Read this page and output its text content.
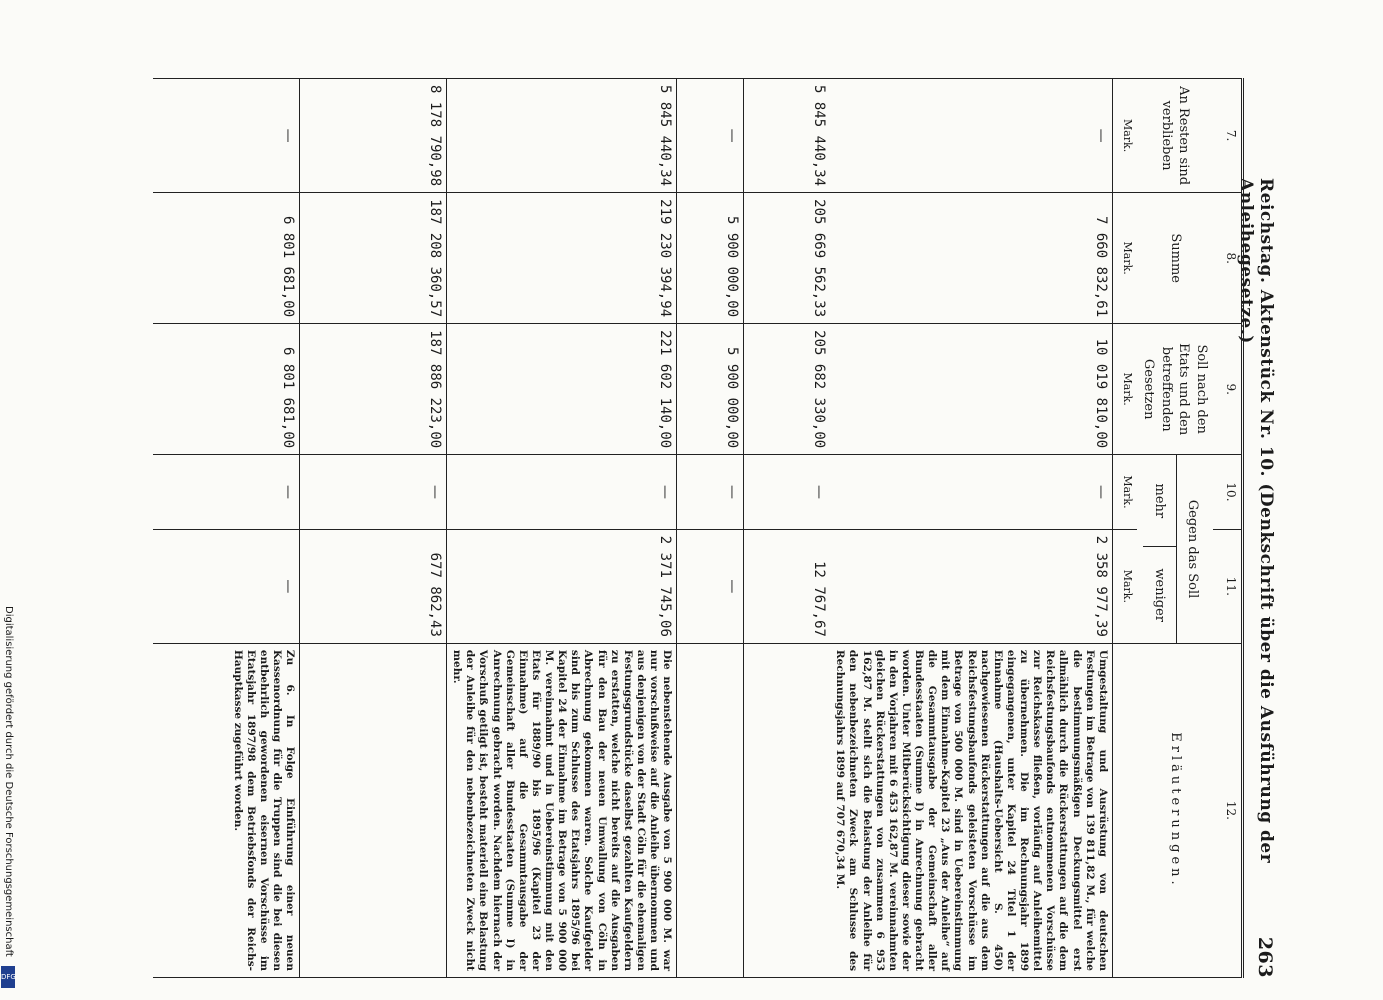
Reichstag. Aktenstück Nr. 10. (Denkschrift über die Ausführung der Anleihegesetze.)
263
7.	8.	9.	10.	11.	12.
An Resten sind verblieben	Summe	Soll nach den Etats und den betreffenden Gesetzen	Gegen das Soll
mehr
weniger		Erläuterungen.
Mark.	Mark.	Mark.	Mark.	Mark.	
—	7 660 832,61	10 019 810,00	—	2 358 977,39	Umgestaltung und Ausrüstung von deutschen Festungen im Betrage von 139 811,82 M., für welche die bestimmungsmäßigen Deckungsmittel erst allmählich durch die Rückerstattungen auf die dem Reichsfestungsbaufonds entnommenen Vorschüsse zur Reichskasse fließen, vorläufig auf Anleihemittel zu übernehmen. Die im Rechnungsjahr 1899 eingegangenen, unter Kapitel 24 Titel 1 der Einnahme (Haushalts-Uebersicht S. 450) nachgewiesenen Rückerstattungen auf die aus dem Reichsfestungsbaufonds geleisteten Vorschüsse im Betrage von 500 000 M. sind in Uebereinstimmung mit dem Einnahme-Kapitel 23 „Aus der Anleihe“ auf die Gesammtausgabe der Gemeinschaft aller Bundesstaaten (Summe I) in Anrechnung gebracht worden. Unter Mitberücksichtigung dieser sowie der in den Vorjahren mit 6 453 162,87 M. vereinnahmten gleichen Rückerstattungen von zusammen 6 953 162,87 M. stellt sich die Belastung der Anleihe für den nebenbezeichneten Zweck am Schlusse des Rechnungsjahrs 1899 auf 707 670,34 M.
5 845 440,34	205 669 562,33	205 682 330,00	—	12 767,67	
—	5 900 000,00	5 900 000,00	—	—	
5 845 440,34	219 230 394,94	221 602 140,00	—	2 371 745,06	Die nebenstehende Ausgabe von 5 900 000 M. war nur vorschußweise auf die Anleihe übernommen und aus denjenigen von der Stadt Cöln für die ehemaligen Festungsgrundstücke daselbst gezahlten Kaufgeldern zu erstatten, welche nicht bereits auf die Ausgaben für den Bau der neuen Umwallung von Cöln in Abrechnung gekommen waren. Solche Kaufgelder sind bis zum Schlusse des Etatsjahrs 1895/96 bei Kapitel 24 der Einnahme im Betrage von 5 900 000 M. vereinnahmt und in Uebereinstimmung mit den Etats für 1889/90 bis 1895/96 (Kapitel 23 der Einnahme) auf die Gesammtausgabe der Gemeinschaft aller Bundesstaaten (Summe I) in Anrechnung gebracht worden. Nachdem hiernach der Vorschuß getilgt ist, besteht materiell eine Belastung der Anleihe für den nebenbezeichneten Zweck nicht mehr.
8 178 790,98	187 208 360,57	187 886 223,00	—	677 862,43	
—	6 801 681,00	6 801 681,00	—	—	Zu 6. In Folge Einführung einer neuen Kassenordnung für die Truppen sind die bei diesen entbehrlich gewordenen eisernen Vorschüsse im Etatsjahr 1897/98 dem Betriebsfonds der Reichs-Hauptkasse zugeführt worden.
Digitalisierung gefördert durch die Deutsche Forschungsgemeinschaft
DFG
